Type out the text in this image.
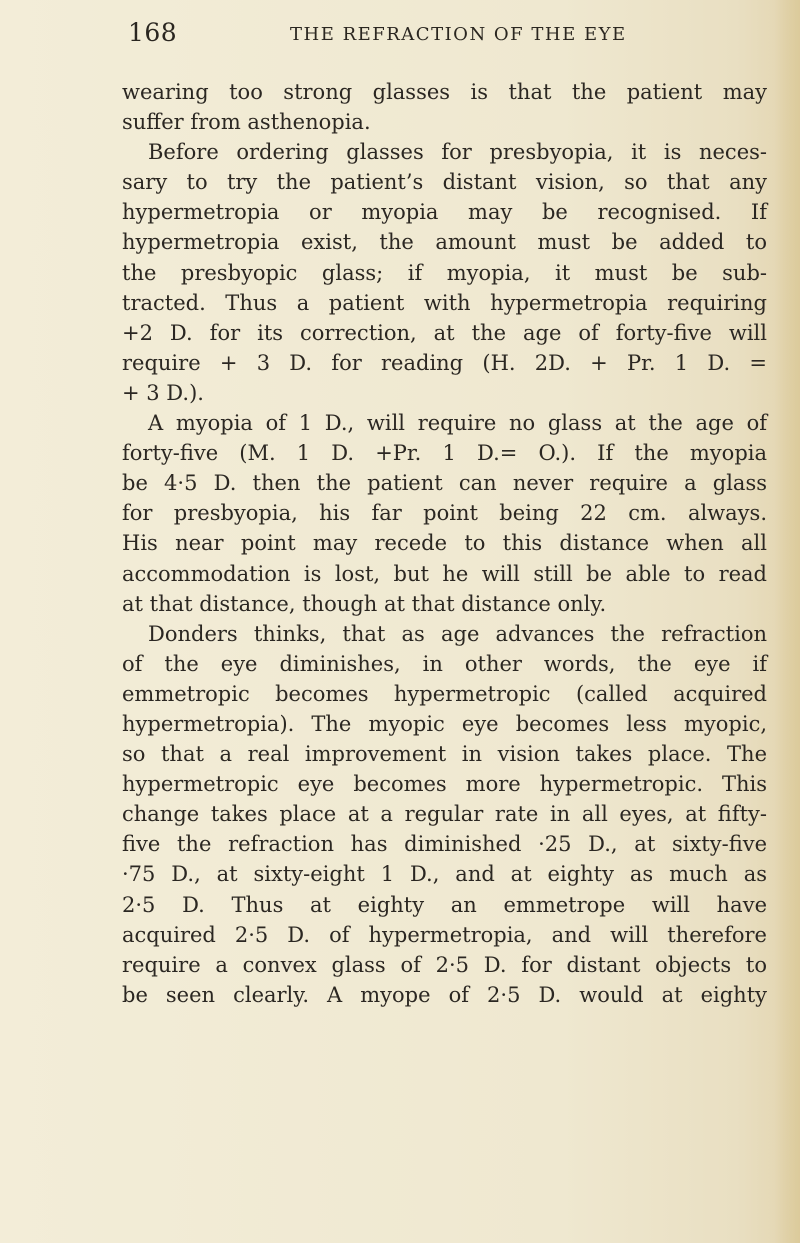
168	THE REFRACTION OF THE EYE
wearing too strong glasses is that the patient may
suffer from asthenopia.
Before ordering glasses for presbyopia, it is neces-
sary to try the patient’s distant vision, so that any
hypermetropia or myopia may be recognised. If
hypermetropia exist, the amount must be added to
the presbyopic glass; if myopia, it must be sub-
tracted. Thus a patient with hypermetropia requiring
+2 D. for its correction, at the age of forty-five will
require + 3 D. for reading (H. 2D. + Pr. 1 D. =
+ 3 D.).
A myopia of 1 D., will require no glass at the age of
forty-five (M. 1 D. +Pr. 1 D.= O.). If the myopia
be 4·5 D. then the patient can never require a glass
for presbyopia, his far point being 22 cm. always.
His near point may recede to this distance when all
accommodation is lost, but he will still be able to read
at that distance, though at that distance only.
Donders thinks, that as age advances the refraction
of the eye diminishes, in other words, the eye if
emmetropic becomes hypermetropic (called acquired
hypermetropia). The myopic eye becomes less myopic,
so that a real improvement in vision takes place. The
hypermetropic eye becomes more hypermetropic. This
change takes place at a regular rate in all eyes, at fifty-
five the refraction has diminished ·25 D., at sixty-five
·75 D., at sixty-eight 1 D., and at eighty as much as
2·5 D. Thus at eighty an emmetrope will have
acquired 2·5 D. of hypermetropia, and will therefore
require a convex glass of 2·5 D. for distant objects to
be seen clearly. A myope of 2·5 D. would at eighty
